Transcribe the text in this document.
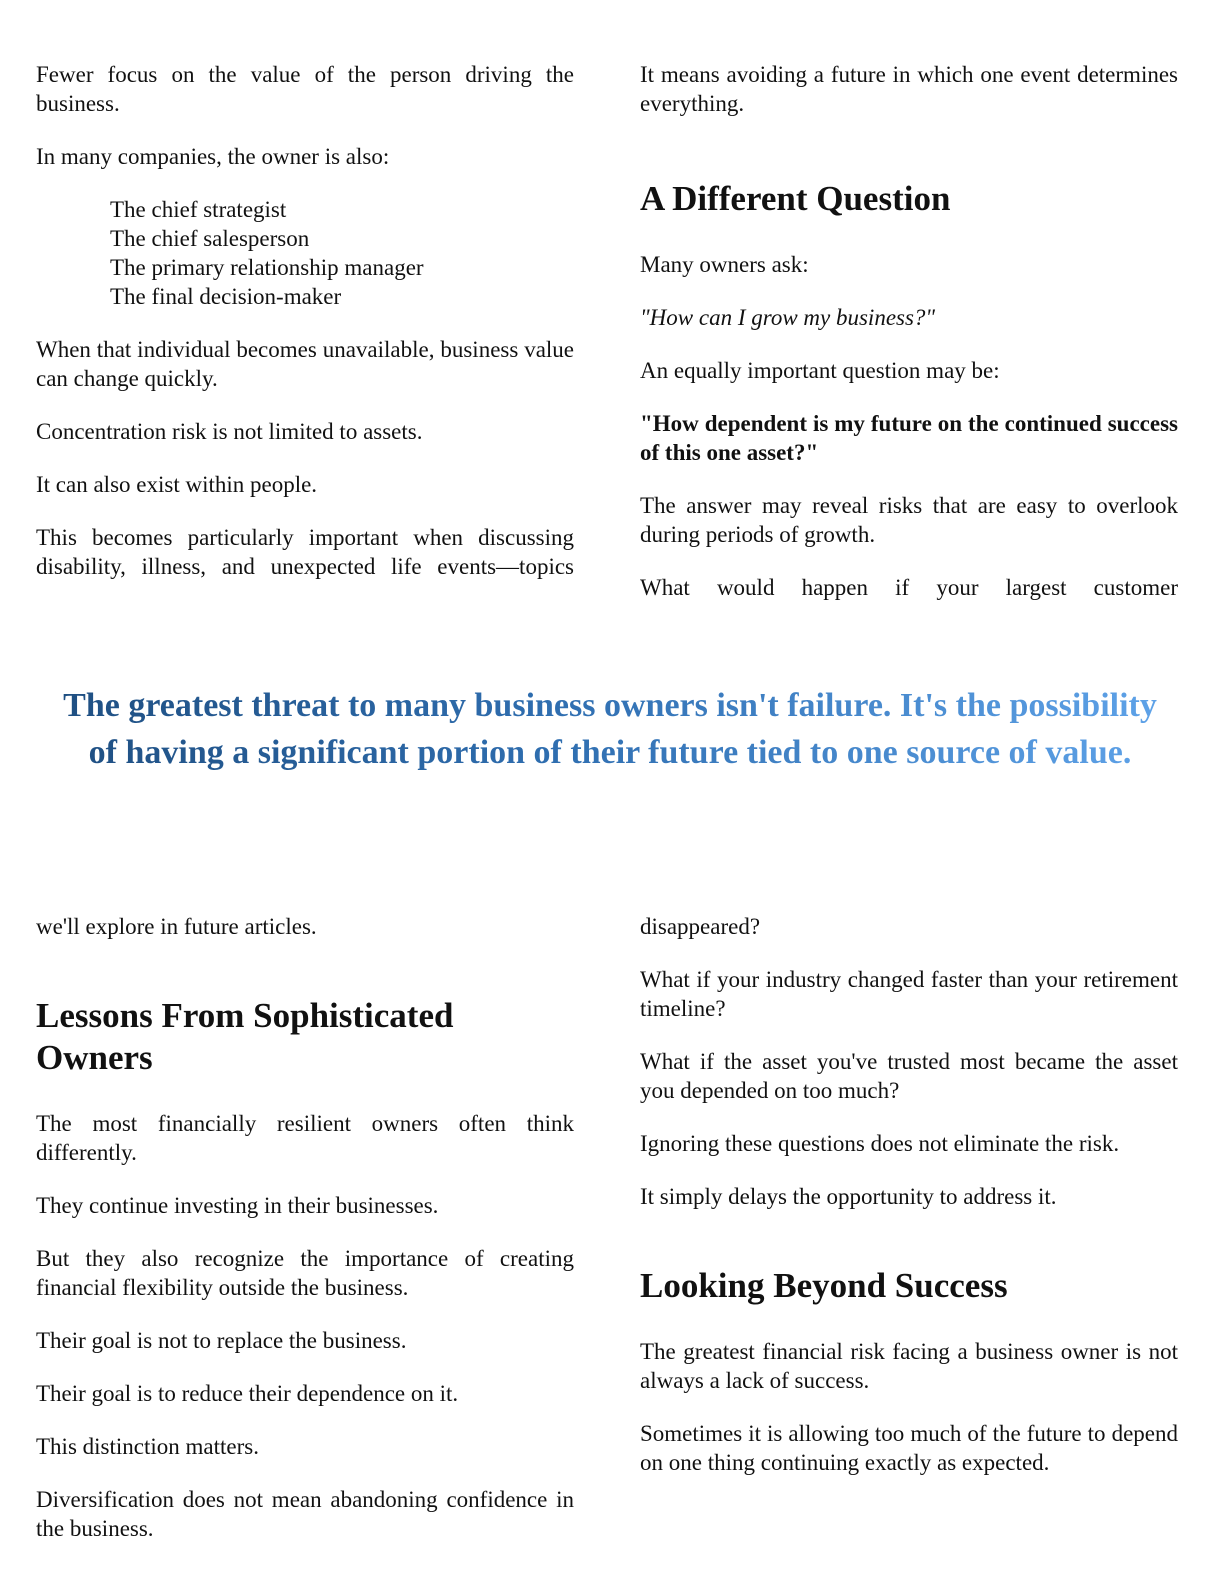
Fewer focus on the value of the person driving the business.

In many companies, the owner is also:

The chief strategist
The chief salesperson
The primary relationship manager
The final decision-maker

When that individual becomes unavailable, business value can change quickly.

Concentration risk is not limited to assets.

It can also exist within people.

This becomes particularly important when discussing disability, illness, and unexpected life events—topics

It means avoiding a future in which one event determines everything.

A Different Question

Many owners ask:

"How can I grow my business?"

An equally important question may be:

"How dependent is my future on the continued success of this one asset?"

The answer may reveal risks that are easy to overlook during periods of growth.

What would happen if your largest customer

The greatest threat to many business owners isn't failure. It's the possibility of having a significant portion of their future tied to one source of value.

we'll explore in future articles.

Lessons From Sophisticated Owners

The most financially resilient owners often think differently.

They continue investing in their businesses.

But they also recognize the importance of creating financial flexibility outside the business.

Their goal is not to replace the business.

Their goal is to reduce their dependence on it.

This distinction matters.

Diversification does not mean abandoning confidence in the business.

disappeared?

What if your industry changed faster than your retirement timeline?

What if the asset you've trusted most became the asset you depended on too much?

Ignoring these questions does not eliminate the risk.

It simply delays the opportunity to address it.

Looking Beyond Success

The greatest financial risk facing a business owner is not always a lack of success.

Sometimes it is allowing too much of the future to depend on one thing continuing exactly as expected.
